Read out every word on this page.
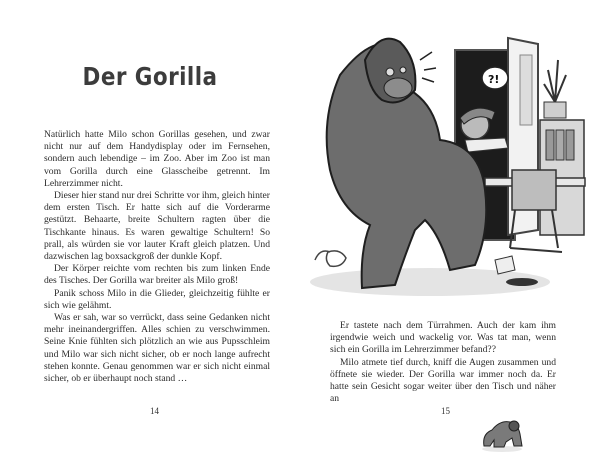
Der Gorilla

Natürlich hatte Milo schon Gorillas gesehen, und zwar nicht nur auf dem Handydisplay oder im Fernsehen, sondern auch lebendige – im Zoo. Aber im Zoo ist man vom Gorilla durch eine Glasscheibe getrennt. Im Lehrerzimmer nicht.

Dieser hier stand nur drei Schritte vor ihm, gleich hinter dem ersten Tisch. Er hatte sich auf die Vorderarme gestützt. Behaarte, breite Schultern ragten über die Tischkante hinaus. Es waren gewaltige Schultern! So prall, als würden sie vor lauter Kraft gleich platzen. Und dazwischen lag boxsackgroß der dunkle Kopf.

Der Körper reichte vom rechten bis zum linken Ende des Tisches. Der Gorilla war breiter als Milo groß!

Panik schoss Milo in die Glieder, gleichzeitig fühlte er sich wie gelähmt.

Was er sah, war so verrückt, dass seine Gedanken nicht mehr ineinandergriffen. Alles schien zu verschwimmen. Seine Knie fühlten sich plötzlich an wie aus Pupsschleim und Milo war sich nicht sicher, ob er noch lange aufrecht stehen konnte. Genau genommen war er sich nicht einmal sicher, ob er überhaupt noch stand …

14
?!

Er tastete nach dem Türrahmen. Auch der kam ihm irgendwie weich und wackelig vor. Was tat man, wenn sich ein Gorilla im Lehrerzimmer befand??

Milo atmete tief durch, kniff die Augen zusammen und öffnete sie wieder. Der Gorilla war immer noch da. Er hatte sein Gesicht sogar weiter über den Tisch und näher an

15
